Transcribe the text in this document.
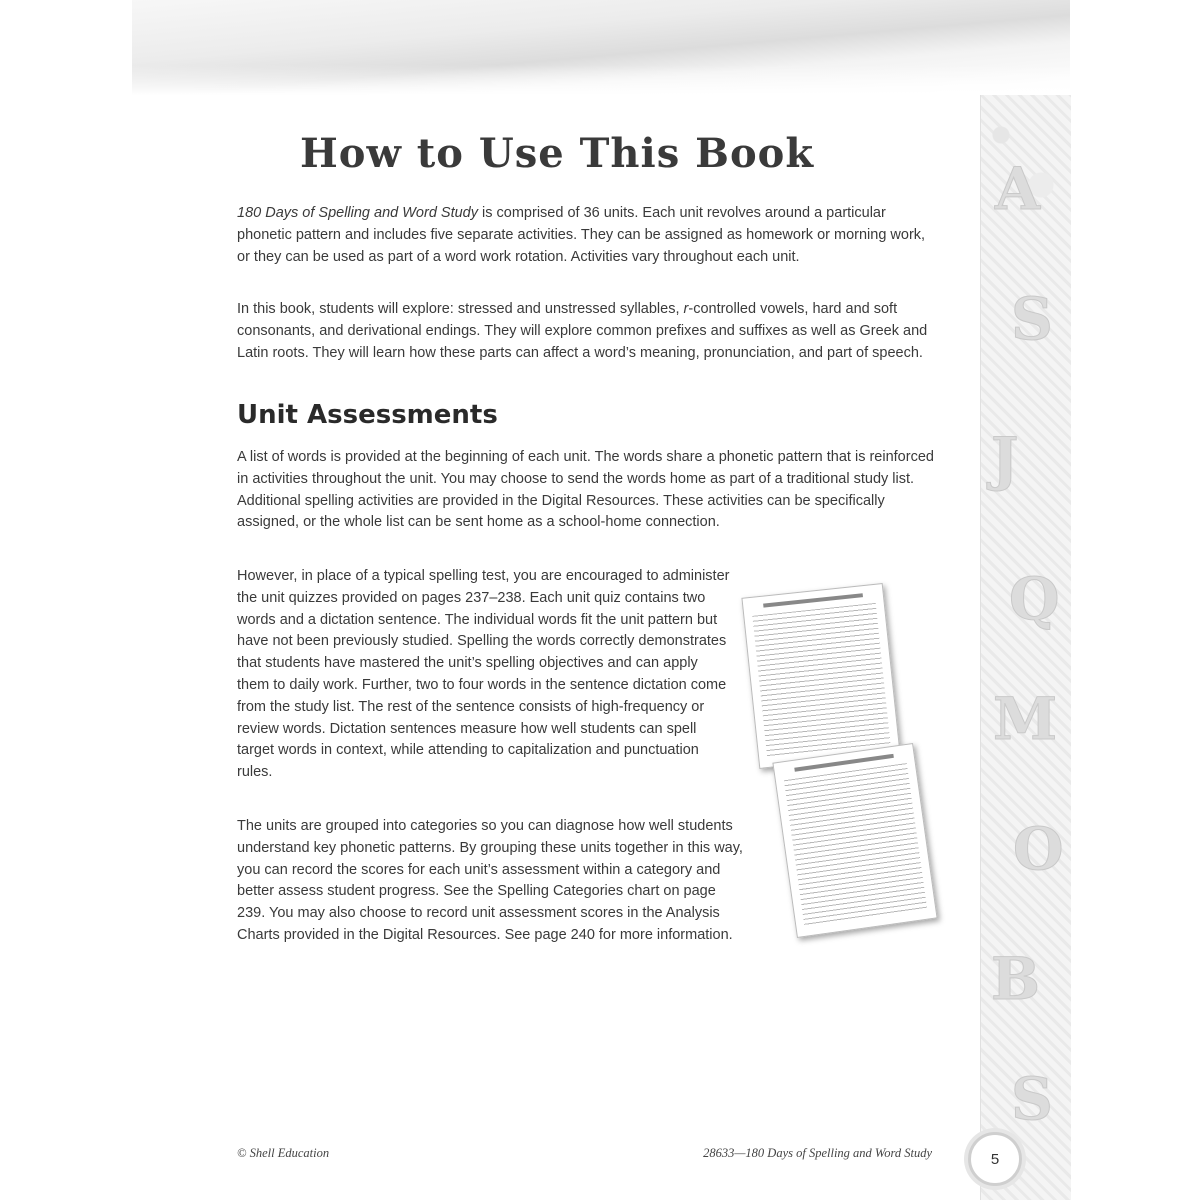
A
S
J
Q
M
O
B
S
How to Use This Book

180 Days of Spelling and Word Study is comprised of 36 units. Each unit revolves around a particular phonetic pattern and includes five separate activities. They can be assigned as homework or morning work, or they can be used as part of a word work rotation. Activities vary throughout each unit.

In this book, students will explore: stressed and unstressed syllables, r-controlled vowels, hard and soft consonants, and derivational endings. They will explore common prefixes and suffixes as well as Greek and Latin roots. They will learn how these parts can affect a word’s meaning, pronunciation, and part of speech.

Unit Assessments

A list of words is provided at the beginning of each unit. The words share a phonetic pattern that is reinforced in activities throughout the unit. You may choose to send the words home as part of a traditional study list. Additional spelling activities are provided in the Digital Resources. These activities can be specifically assigned, or the whole list can be sent home as a school-home connection.

However, in place of a typical spelling test, you are encouraged to administer the unit quizzes provided on pages 237–238. Each unit quiz contains two words and a dictation sentence. The individual words fit the unit pattern but have not been previously studied. Spelling the words correctly demonstrates that students have mastered the unit’s spelling objectives and can apply them to daily work. Further, two to four words in the sentence dictation come from the study list. The rest of the sentence consists of high-frequency or review words. Dictation sentences measure how well students can spell target words in context, while attending to capitalization and punctuation rules.

The units are grouped into categories so you can diagnose how well students understand key phonetic patterns. By grouping these units together in this way, you can record the scores for each unit’s assessment within a category and better assess student progress. See the Spelling Categories chart on page 239. You may also choose to record unit assessment scores in the Analysis Charts provided in the Digital Resources. See page 240 for more information.

© Shell Education	28633—180 Days of Spelling and Word Study	5
